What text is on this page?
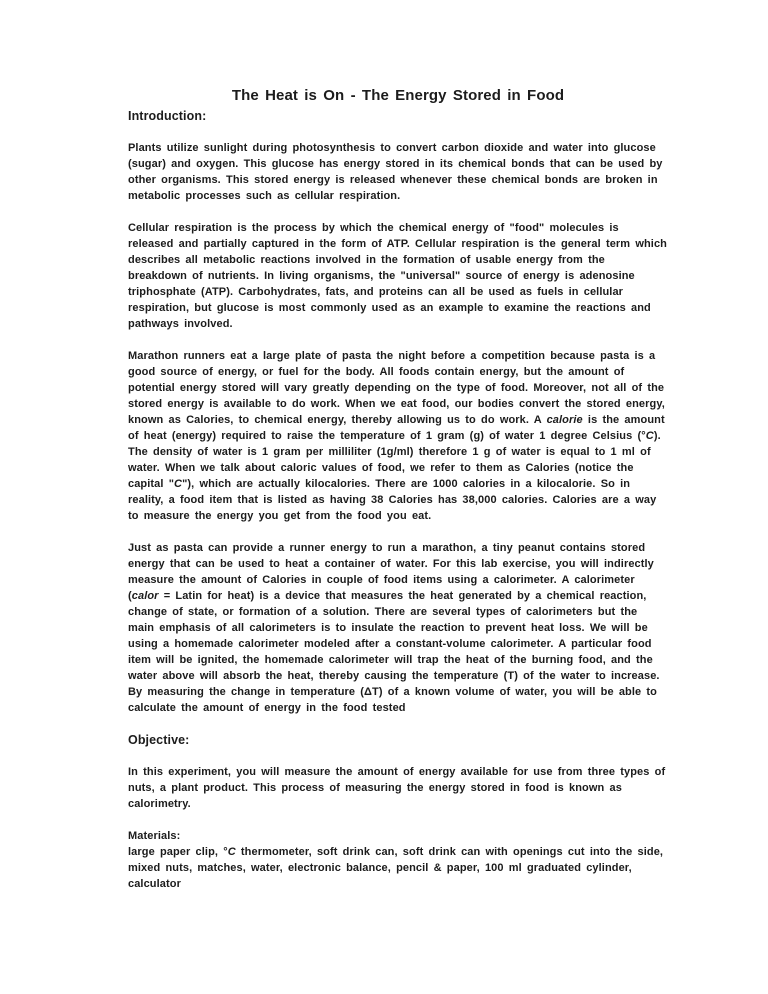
The Heat is On - The Energy Stored in Food
Introduction:

Plants utilize sunlight during photosynthesis to convert carbon dioxide and water into glucose (sugar) and oxygen. This glucose has energy stored in its chemical bonds that can be used by other organisms. This stored energy is released whenever these chemical bonds are broken in metabolic processes such as cellular respiration.

Cellular respiration is the process by which the chemical energy of "food" molecules is released and partially captured in the form of ATP. Cellular respiration is the general term which describes all metabolic reactions involved in the formation of usable energy from the breakdown of nutrients. In living organisms, the "universal" source of energy is adenosine triphosphate (ATP). Carbohydrates, fats, and proteins can all be used as fuels in cellular respiration, but glucose is most commonly used as an example to examine the reactions and pathways involved.

Marathon runners eat a large plate of pasta the night before a competition because pasta is a good source of energy, or fuel for the body. All foods contain energy, but the amount of potential energy stored will vary greatly depending on the type of food. Moreover, not all of the stored energy is available to do work. When we eat food, our bodies convert the stored energy, known as Calories, to chemical energy, thereby allowing us to do work. A calorie is the amount of heat (energy) required to raise the temperature of 1 gram (g) of water 1 degree Celsius (°C). The density of water is 1 gram per milliliter (1g/ml) therefore 1 g of water is equal to 1 ml of water. When we talk about caloric values of food, we refer to them as Calories (notice the capital "C"), which are actually kilocalories. There are 1000 calories in a kilocalorie. So in reality, a food item that is listed as having 38 Calories has 38,000 calories. Calories are a way to measure the energy you get from the food you eat.

Just as pasta can provide a runner energy to run a marathon, a tiny peanut contains stored energy that can be used to heat a container of water. For this lab exercise, you will indirectly measure the amount of Calories in couple of food items using a calorimeter. A calorimeter (calor = Latin for heat) is a device that measures the heat generated by a chemical reaction, change of state, or formation of a solution. There are several types of calorimeters but the main emphasis of all calorimeters is to insulate the reaction to prevent heat loss. We will be using a homemade calorimeter modeled after a constant-volume calorimeter. A particular food item will be ignited, the homemade calorimeter will trap the heat of the burning food, and the water above will absorb the heat, thereby causing the temperature (T) of the water to increase. By measuring the change in temperature (ΔT) of a known volume of water, you will be able to calculate the amount of energy in the food tested

Objective:

In this experiment, you will measure the amount of energy available for use from three types of nuts, a plant product. This process of measuring the energy stored in food is known as calorimetry.

Materials:

large paper clip, °C thermometer, soft drink can, soft drink can with openings cut into the side, mixed nuts, matches, water, electronic balance, pencil & paper, 100 ml graduated cylinder, calculator
